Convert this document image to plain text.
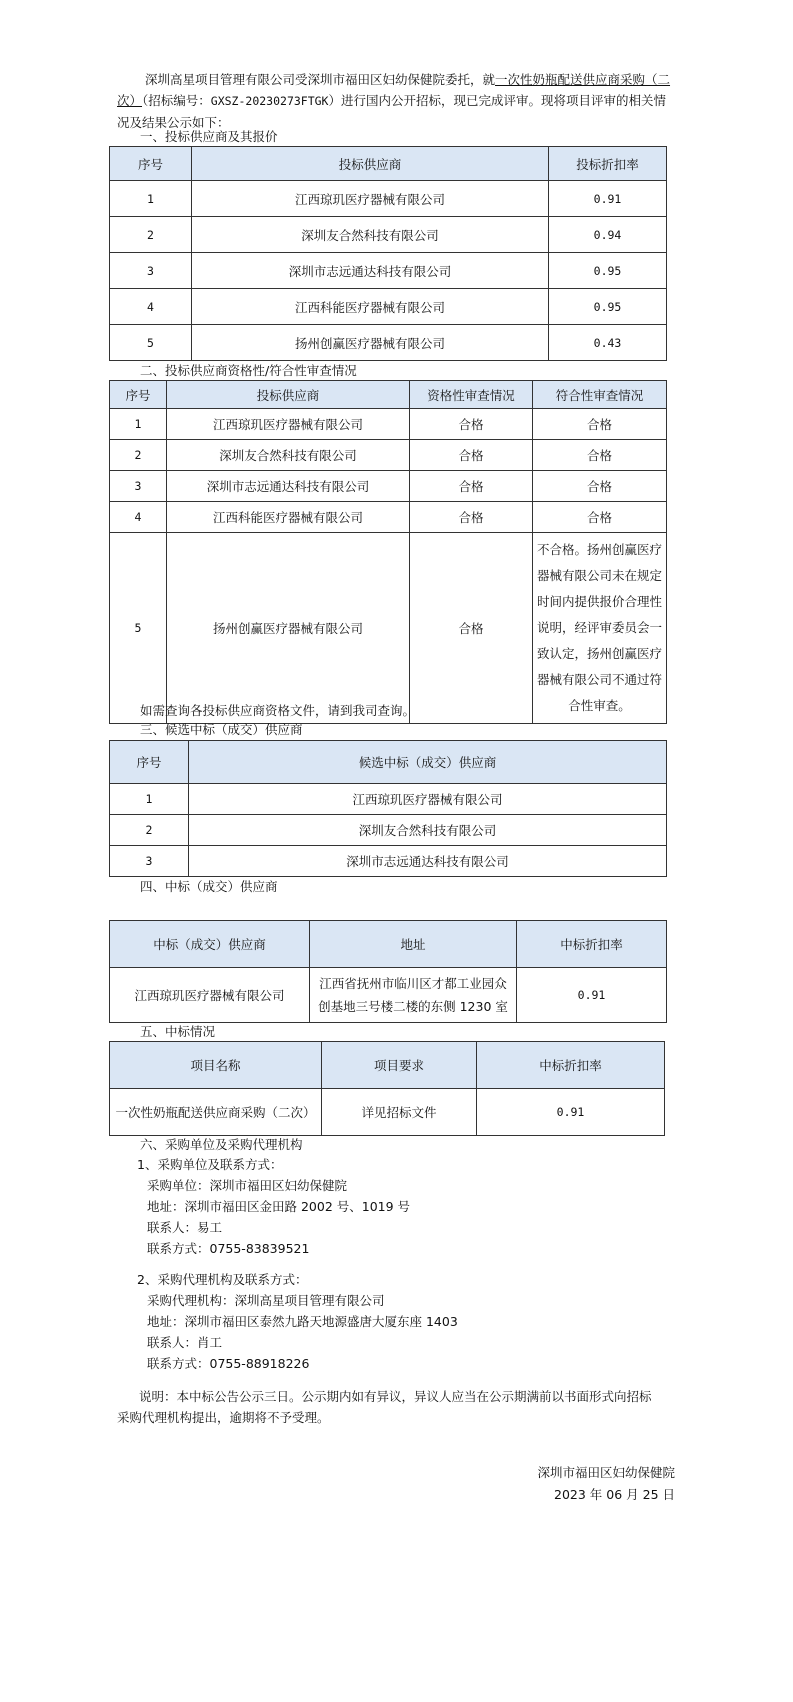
深圳高星项目管理有限公司受深圳市福田区妇幼保健院委托，就一次性奶瓶配送供应商采购（二次）（招标编号：GXSZ-20230273FTGK）进行国内公开招标，现已完成评审。现将项目评审的相关情况及结果公示如下：
一、投标供应商及其报价
序号	投标供应商	投标折扣率
1	江西琼玑医疗器械有限公司	0.91
2	深圳友合然科技有限公司	0.94
3	深圳市志远通达科技有限公司	0.95
4	江西科能医疗器械有限公司	0.95
5	扬州创赢医疗器械有限公司	0.43
二、投标供应商资格性/符合性审查情况
序号	投标供应商	资格性审查情况	符合性审查情况
1	江西琼玑医疗器械有限公司	合格	合格
2	深圳友合然科技有限公司	合格	合格
3	深圳市志远通达科技有限公司	合格	合格
4	江西科能医疗器械有限公司	合格	合格
5	扬州创赢医疗器械有限公司	合格	不合格。扬州创赢医疗器械有限公司未在规定时间内提供报价合理性说明，经评审委员会一致认定，扬州创赢医疗器械有限公司不通过符合性审查。
如需查询各投标供应商资格文件，请到我司查询。
三、候选中标（成交）供应商
序号	候选中标（成交）供应商
1	江西琼玑医疗器械有限公司
2	深圳友合然科技有限公司
3	深圳市志远通达科技有限公司
四、中标（成交）供应商
中标（成交）供应商	地址	中标折扣率
江西琼玑医疗器械有限公司	江西省抚州市临川区才都工业园众创基地三号楼二楼的东侧 1230 室	0.91
五、中标情况
项目名称	项目要求	中标折扣率
一次性奶瓶配送供应商采购（二次）	详见招标文件	0.91
六、采购单位及采购代理机构
1、采购单位及联系方式：
采购单位：深圳市福田区妇幼保健院
地址：深圳市福田区金田路 2002 号、1019 号
联系人：易工
联系方式：0755-83839521
2、采购代理机构及联系方式：
采购代理机构：深圳高星项目管理有限公司
地址：深圳市福田区泰然九路天地源盛唐大厦东座 1403
联系人：肖工
联系方式：0755-88918226
说明：本中标公告公示三日。公示期内如有异议，异议人应当在公示期满前以书面形式向招标采购代理机构提出，逾期将不予受理。
深圳市福田区妇幼保健院
2023 年 06 月 25 日
